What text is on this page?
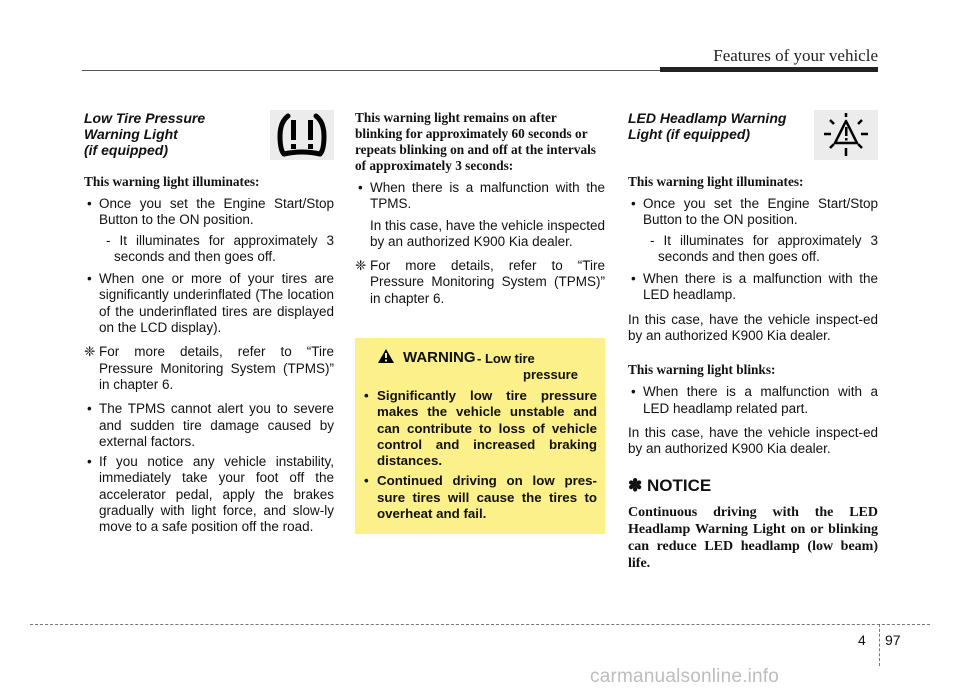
Features of your vehicle
Low Tire Pressure
Warning Light
(if equipped)
This warning light illuminates:
• Once you set the Engine Start/Stop Button to the ON position.
- It illuminates for approximately 3 seconds and then goes off.
• When one or more of your tires are significantly underinflated (The location of the underinflated tires are displayed on the LCD display).
❈ For more details, refer to “Tire Pressure Monitoring System (TPMS)” in chapter 6.
• The TPMS cannot alert you to severe and sudden tire damage caused by external factors.
• If you notice any vehicle instability, immediately take your foot off the accelerator pedal, apply the brakes gradually with light force, and slow-ly move to a safe position off the road.
This warning light remains on after blinking for approximately 60 seconds or repeats blinking on and off at the intervals of approximately 3 seconds:
• When there is a malfunction with the TPMS.
In this case, have the vehicle inspected by an authorized K900 Kia dealer.
❈ For more details, refer to “Tire Pressure Monitoring System (TPMS)” in chapter 6.
WARNING - Low tire
pressure
• Significantly low tire pressure makes the vehicle unstable and can contribute to loss of vehicle control and increased braking distances.
• Continued driving on low pres-sure tires will cause the tires to overheat and fail.
LED Headlamp Warning
Light (if equipped)
This warning light illuminates:
• Once you set the Engine Start/Stop Button to the ON position.
- It illuminates for approximately 3 seconds and then goes off.
• When there is a malfunction with the LED headlamp.
In this case, have the vehicle inspect-ed by an authorized K900 Kia dealer.
This warning light blinks:
• When there is a malfunction with a LED headlamp related part.
In this case, have the vehicle inspect-ed by an authorized K900 Kia dealer.
✽ NOTICE
Continuous driving with the LED Headlamp Warning Light on or blinking can reduce LED headlamp (low beam) life.
4 97
carmanualsonline.info
